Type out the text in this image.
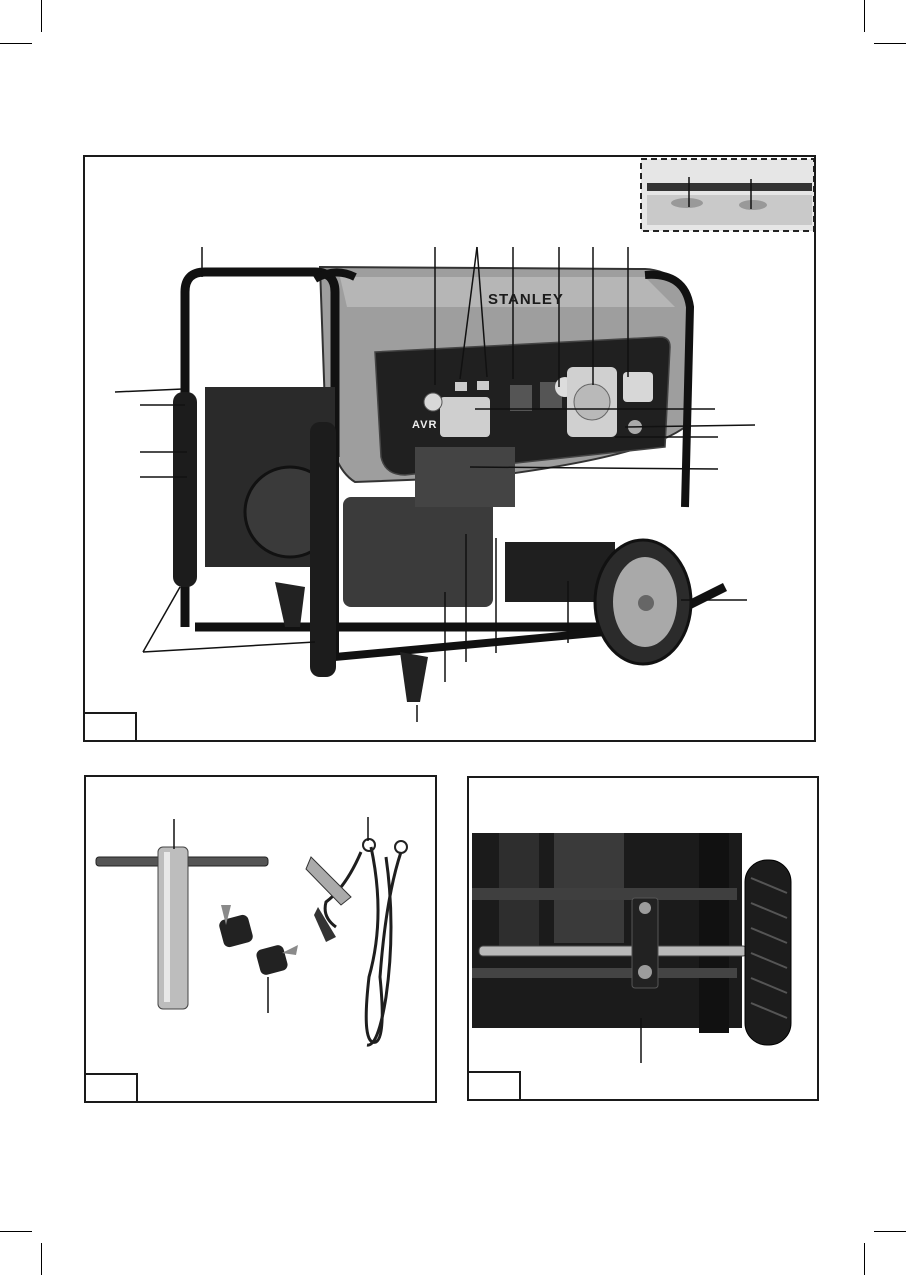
STANLEY
AVR
